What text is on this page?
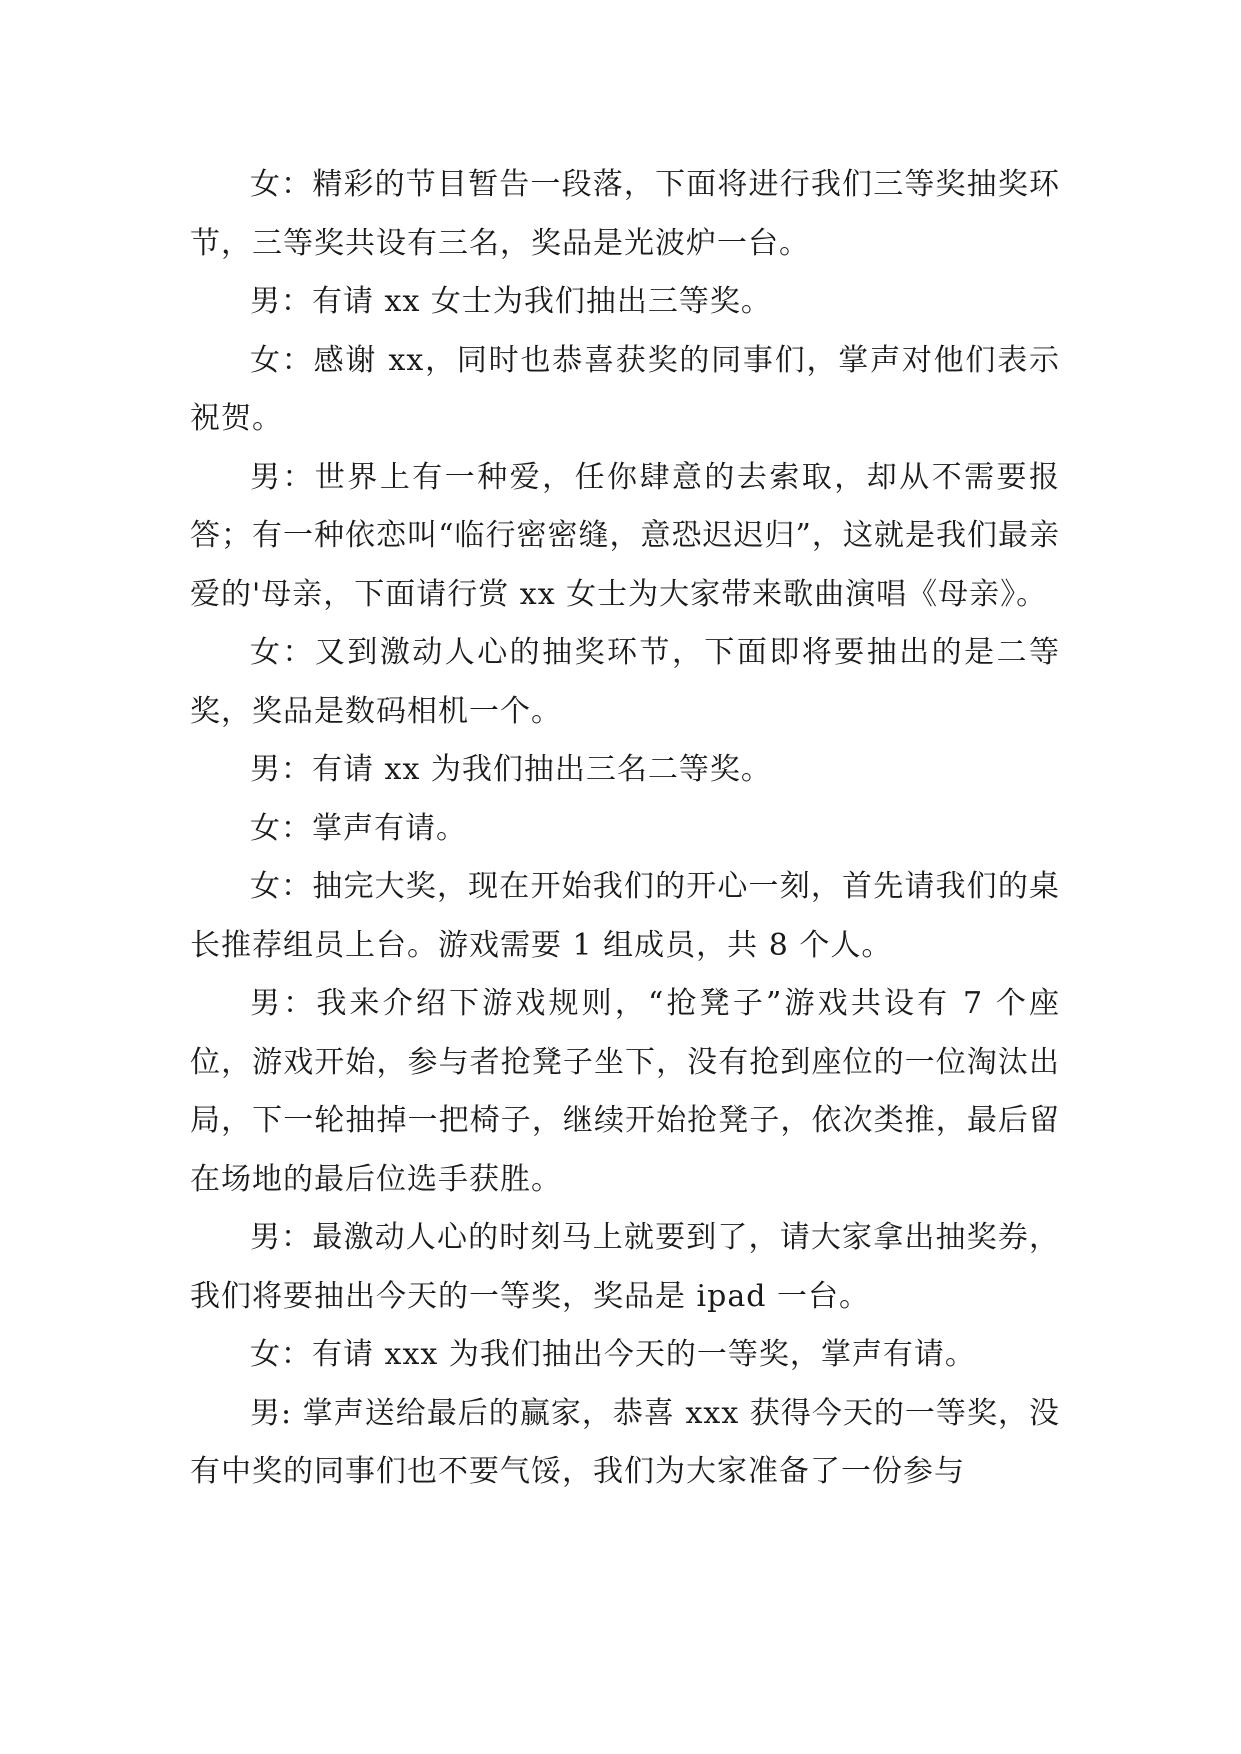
女：精彩的节目暂告一段落，下面将进行我们三等奖抽奖环节，三等奖共设有三名，奖品是光波炉一台。

男：有请 xx 女士为我们抽出三等奖。

女：感谢 xx，同时也恭喜获奖的同事们，掌声对他们表示祝贺。

男：世界上有一种爱，任你肆意的去索取，却从不需要报答；有一种依恋叫“临行密密缝，意恐迟迟归”，这就是我们最亲爱的'母亲，下面请行赏 xx 女士为大家带来歌曲演唱《母亲》。

女：又到激动人心的抽奖环节，下面即将要抽出的是二等奖，奖品是数码相机一个。

男：有请 xx 为我们抽出三名二等奖。

女：掌声有请。

女：抽完大奖，现在开始我们的开心一刻，首先请我们的桌长推荐组员上台。游戏需要 1 组成员，共 8 个人。

男：我来介绍下游戏规则，“抢凳子”游戏共设有 7 个座位，游戏开始，参与者抢凳子坐下，没有抢到座位的一位淘汰出局，下一轮抽掉一把椅子，继续开始抢凳子，依次类推，最后留在场地的最后位选手获胜。

男：最激动人心的时刻马上就要到了，请大家拿出抽奖券，我们将要抽出今天的一等奖，奖品是 ipad 一台。

女：有请 xxx 为我们抽出今天的一等奖，掌声有请。

男: 掌声送给最后的赢家，恭喜 xxx 获得今天的一等奖，没有中奖的同事们也不要气馁，我们为大家准备了一份参与
